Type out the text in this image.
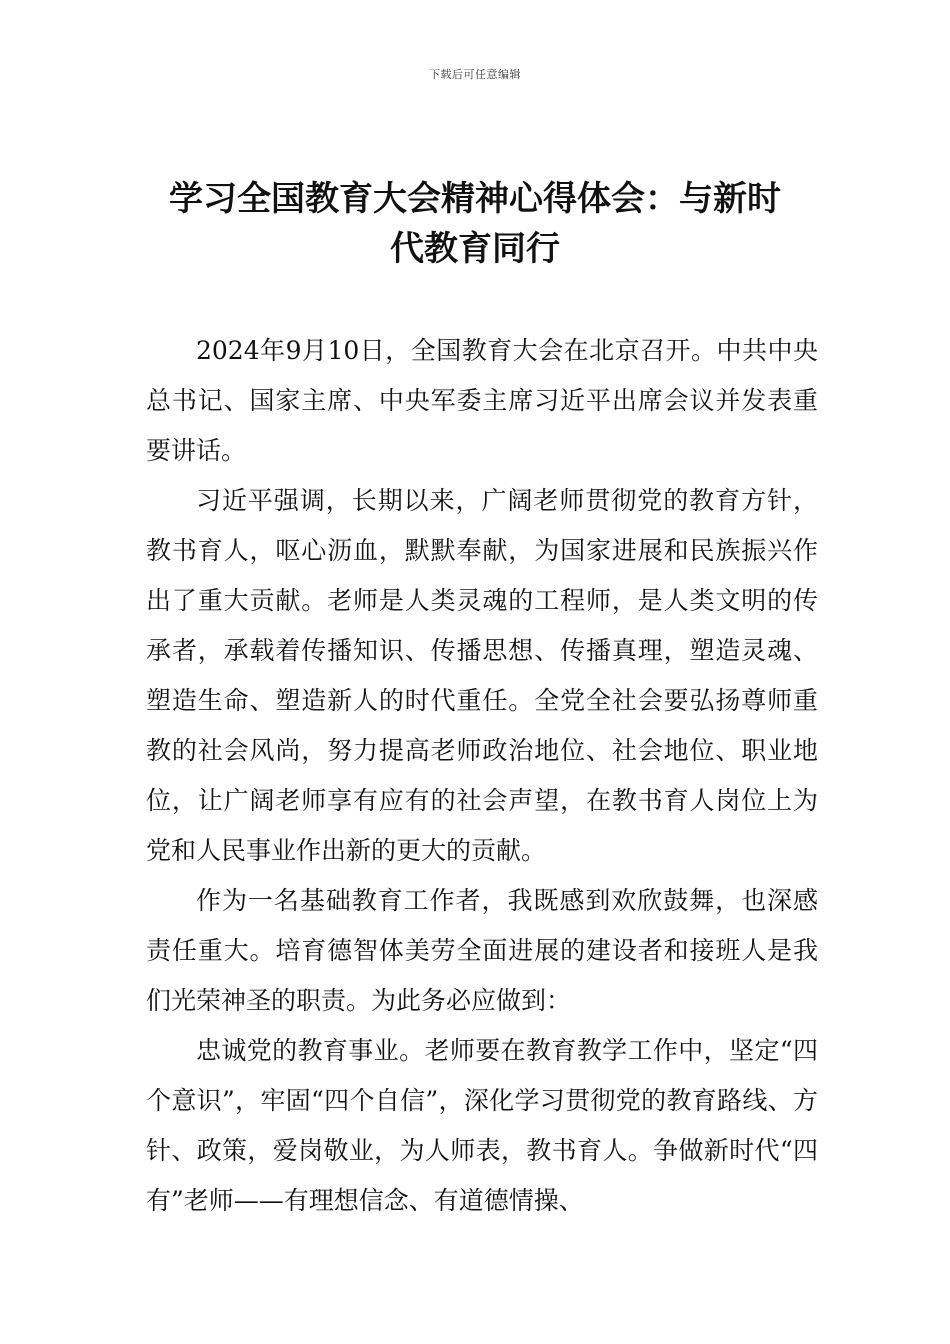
下载后可任意编辑
学习全国教育大会精神心得体会：与新时
代教育同行

2024年9月10日，全国教育大会在北京召开。中共中央总书记、国家主席、中央军委主席习近平出席会议并发表重要讲话。

习近平强调，长期以来，广阔老师贯彻党的教育方针，教书育人，呕心沥血，默默奉献，为国家进展和民族振兴作出了重大贡献。老师是人类灵魂的工程师，是人类文明的传承者，承载着传播知识、传播思想、传播真理，塑造灵魂、塑造生命、塑造新人的时代重任。全党全社会要弘扬尊师重教的社会风尚，努力提高老师政治地位、社会地位、职业地位，让广阔老师享有应有的社会声望，在教书育人岗位上为党和人民事业作出新的更大的贡献。

作为一名基础教育工作者，我既感到欢欣鼓舞，也深感责任重大。培育德智体美劳全面进展的建设者和接班人是我们光荣神圣的职责。为此务必应做到：

忠诚党的教育事业。老师要在教育教学工作中，坚定“四个意识”，牢固“四个自信”，深化学习贯彻党的教育路线、方针、政策，爱岗敬业，为人师表，教书育人。争做新时代“四有”老师——有理想信念、有道德情操、
